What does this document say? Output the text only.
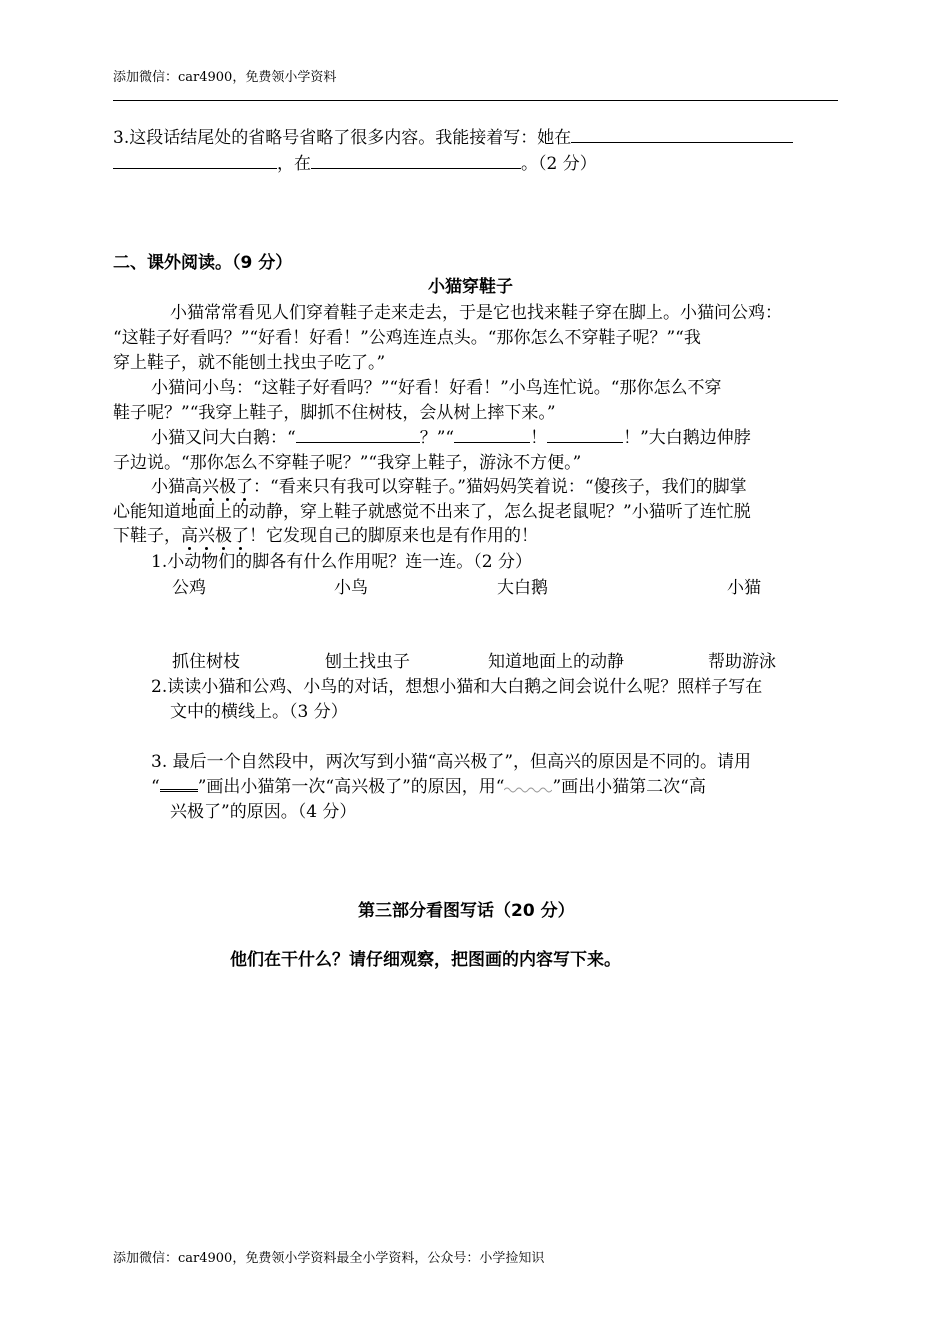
添加微信：car4900，免费领小学资料
3.这段话结尾处的省略号省略了很多内容。我能接着写：她在
，在	。（2 分）
二、课外阅读。（9 分）
小猫穿鞋子
小猫常常看见人们穿着鞋子走来走去，于是它也找来鞋子穿在脚上。小猫问公鸡：
“这鞋子好看吗？”“好看！好看！”公鸡连连点头。“那你怎么不穿鞋子呢？”“我
穿上鞋子，就不能刨土找虫子吃了。”
小猫问小鸟：“这鞋子好看吗？”“好看！好看！”小鸟连忙说。“那你怎么不穿
鞋子呢？”“我穿上鞋子，脚抓不住树枝，会从树上摔下来。”
小猫又问大白鹅：“	？”“	！	！”大白鹅边伸脖
子边说。“那你怎么不穿鞋子呢？”“我穿上鞋子，游泳不方便。”
小猫高兴极了：“看来只有我可以穿鞋子。”猫妈妈笑着说：“傻孩子，我们的脚掌
心能知道地面上的动静，穿上鞋子就感觉不出来了，怎么捉老鼠呢？”小猫听了连忙脱
下鞋子，高兴极了！它发现自己的脚原来也是有作用的！
1.小动物们的脚各有什么作用呢？连一连。（2 分）
公鸡	小鸟	大白鹅	小猫
抓住树枝	刨土找虫子	知道地面上的动静	帮助游泳
2.读读小猫和公鸡、小鸟的对话，想想小猫和大白鹅之间会说什么呢？照样子写在
文中的横线上。（3 分）
3. 最后一个自然段中，两次写到小猫“高兴极了”，但高兴的原因是不同的。请用
“ ”画出小猫第一次“高兴极了”的原因，用“	”画出小猫第二次“高
兴极了”的原因。（4 分）
第三部分看图写话（20 分）
他们在干什么？请仔细观察，把图画的内容写下来。
添加微信：car4900，免费领小学资料最全小学资料，公众号：小学捡知识
